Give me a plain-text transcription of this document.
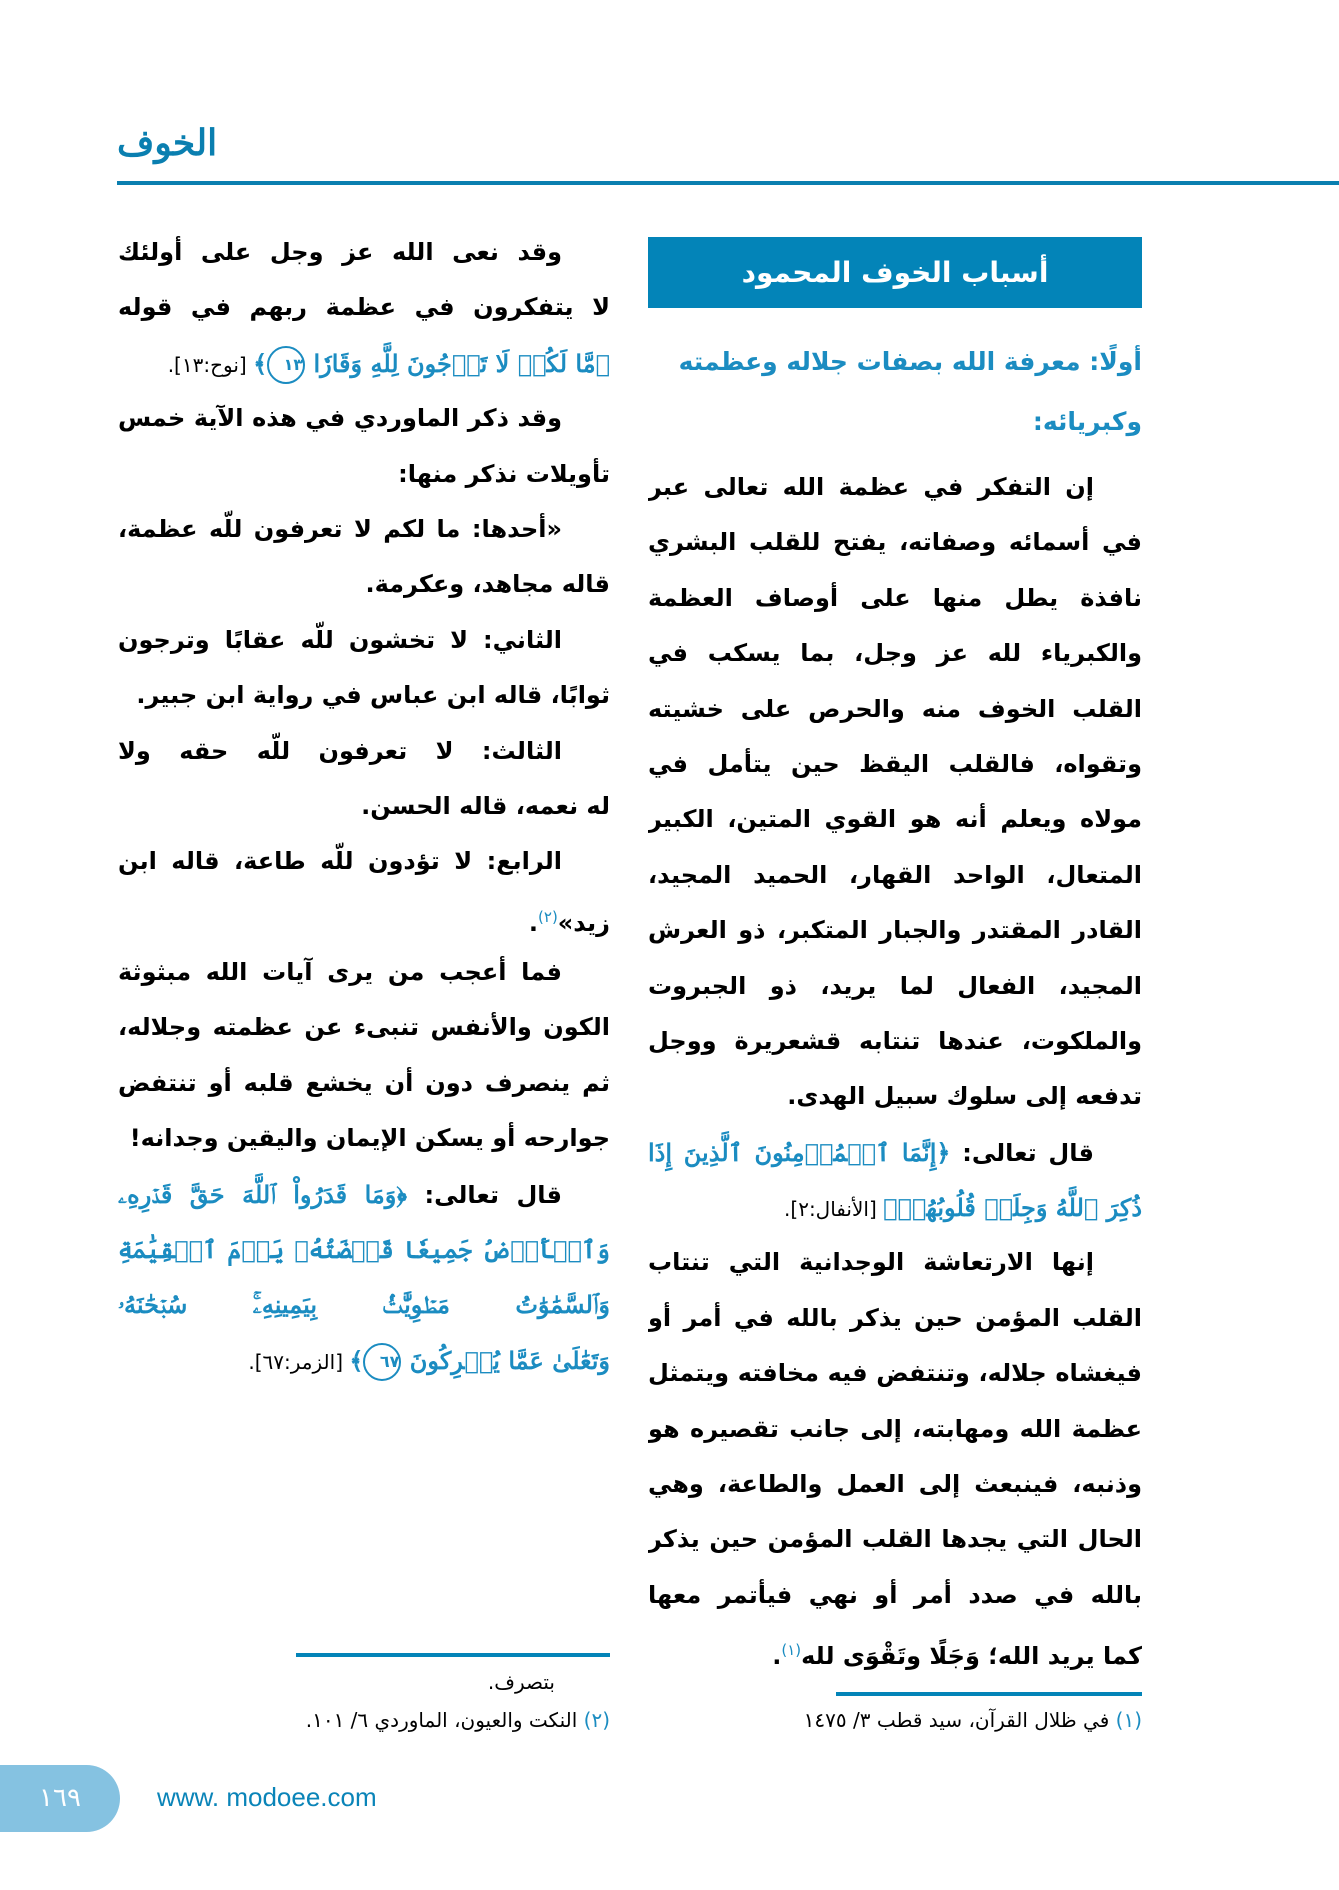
الخوف
أسباب الخوف المحمود
أولًا: معرفة الله بصفات جلاله وعظمته
وكبريائه:
إن التفكر في عظمة الله تعالى عبر
في أسمائه وصفاته، يفتح للقلب البشري
نافذة يطل منها على أوصاف العظمة
والكبرياء لله عز وجل، بما يسكب في
القلب الخوف منه والحرص على خشيته
وتقواه، فالقلب اليقظ حين يتأمل في
مولاه ويعلم أنه هو القوي المتين، الكبير
المتعال، الواحد القهار، الحميد المجيد،
القادر المقتدر والجبار المتكبر، ذو العرش
المجيد، الفعال لما يريد، ذو الجبروت
والملكوت، عندها تنتابه قشعريرة ووجل
تدفعه إلى سلوك سبيل الهدى.
قال تعالى: ﴿إِنَّمَا ٱلۡمُؤۡمِنُونَ ٱلَّذِينَ إِذَا
ذُكِرَ ٱللَّهُ وَجِلَتۡ قُلُوبُهُمۡ﴾ [الأنفال:٢].
إنها الارتعاشة الوجدانية التي تنتاب
القلب المؤمن حين يذكر بالله في أمر أو
فيغشاه جلاله، وتنتفض فيه مخافته ويتمثل
عظمة الله ومهابته، إلى جانب تقصيره هو
وذنبه، فينبعث إلى العمل والطاعة، وهي
الحال التي يجدها القلب المؤمن حين يذكر
بالله في صدد أمر أو نهي فيأتمر معها
كما يريد الله؛ وَجَلًا وتَقْوَى لله$^{(١)}$.
وقد نعى الله عز وجل على أولئك
لا يتفكرون في عظمة ربهم في قوله
﴿مَّا لَكُمۡ لَا تَرۡجُونَ لِلَّهِ وَقَارٗا ١٣﴾ [نوح:١٣].
وقد ذكر الماوردي في هذه الآية خمس
تأويلات نذكر منها:
«أحدها: ما لكم لا تعرفون للّه عظمة،
قاله مجاهد، وعكرمة.
الثاني: لا تخشون للّه عقابًا وترجون
ثوابًا، قاله ابن عباس في رواية ابن جبير.
الثالث: لا تعرفون للّه حقه ولا
له نعمه، قاله الحسن.
الرابع: لا تؤدون للّه طاعة، قاله ابن
زيد»$^{(٢)}$.
فما أعجب من يرى آيات الله مبثوثة
الكون والأنفس تنبىء عن عظمته وجلاله،
ثم ينصرف دون أن يخشع قلبه أو تنتفض
جوارحه أو يسكن الإيمان واليقين وجدانه!
قال تعالى: ﴿وَمَا قَدَرُواْ ٱللَّهَ حَقَّ قَدۡرِهِۦ
وَٱلۡأَرۡضُ جَمِيعٗا قَبۡضَتُهُۥ يَوۡمَ ٱلۡقِيَٰمَةِ
وَٱلسَّمَٰوَٰتُ مَطۡوِيَّٰتُۢ بِيَمِينِهِۦۚ سُبۡحَٰنَهُۥ
وَتَعَٰلَىٰ عَمَّا يُشۡرِكُونَ ٦٧﴾ [الزمر:٦٧].
بتصرف.
(١) في ظلال القرآن، سيد قطب ٣/ ١٤٧٥
(٢) النكت والعيون، الماوردي ٦/ ١٠١.
١٦٩	www. modoee.com
